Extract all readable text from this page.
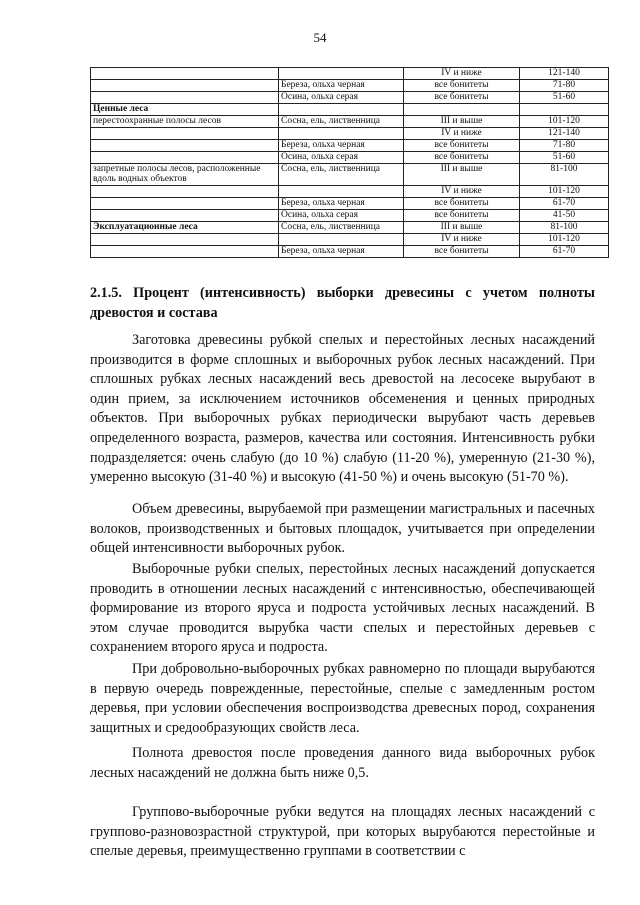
54
		IV и ниже	121-140
	Береза, ольха черная	все бонитеты	71-80
	Осина, ольха серая	все бонитеты	51-60
Ценные леса			
перестоохранные полосы лесов	Сосна, ель, лиственница	III и выше	101-120
		IV и ниже	121-140
	Береза, ольха черная	все бонитеты	71-80
	Осина, ольха серая	все бонитеты	51-60
запретные полосы лесов, расположенные вдоль водных объектов	Сосна, ель, лиственница	III и выше	81-100
		IV и ниже	101-120
	Береза, ольха черная	все бонитеты	61-70
	Осина, ольха серая	все бонитеты	41-50
Эксплуатационные леса	Сосна, ель, лиственница	III и выше	81-100
		IV и ниже	101-120
	Береза, ольха черная	все бонитеты	61-70
2.1.5. Процент (интенсивность) выборки древесины с учетом полноты древостоя и состава

Заготовка древесины рубкой спелых и перестойных лесных насаждений производится в форме сплошных и выборочных рубок лесных насаждений. При сплошных рубках лесных насаждений весь древостой на лесосеке вырубают в один прием, за исключением источников обсеменения и ценных природных объектов. При выборочных рубках периодически вырубают часть деревьев определенного возраста, размеров, качества или состояния. Интенсивность рубки подразделяется: очень слабую (до 10 %) слабую (11-20 %), умеренную (21-30 %), умеренно высокую (31-40 %) и высокую (41-50 %) и очень высокую (51-70 %).

Объем древесины, вырубаемой при размещении магистральных и пасечных волоков, производственных и бытовых площадок, учитывается при определении общей интенсивности выборочных рубок.

Выборочные рубки спелых, перестойных лесных насаждений допускается проводить в отношении лесных насаждений с интенсивностью, обеспечивающей формирование из второго яруса и подроста устойчивых лесных насаждений. В этом случае проводится вырубка части спелых и перестойных деревьев с сохранением второго яруса и подроста.

При добровольно-выборочных рубках равномерно по площади вырубаются в первую очередь поврежденные, перестойные, спелые с замедленным ростом деревья, при условии обеспечения воспроизводства древесных пород, сохранения защитных и средообразующих свойств леса.

Полнота древостоя после проведения данного вида выборочных рубок лесных насаждений не должна быть ниже 0,5.

Группово-выборочные рубки ведутся на площадях лесных насаждений с группово-разновозрастной структурой, при которых вырубаются перестойные и спелые деревья, преимущественно группами в соответствии с
